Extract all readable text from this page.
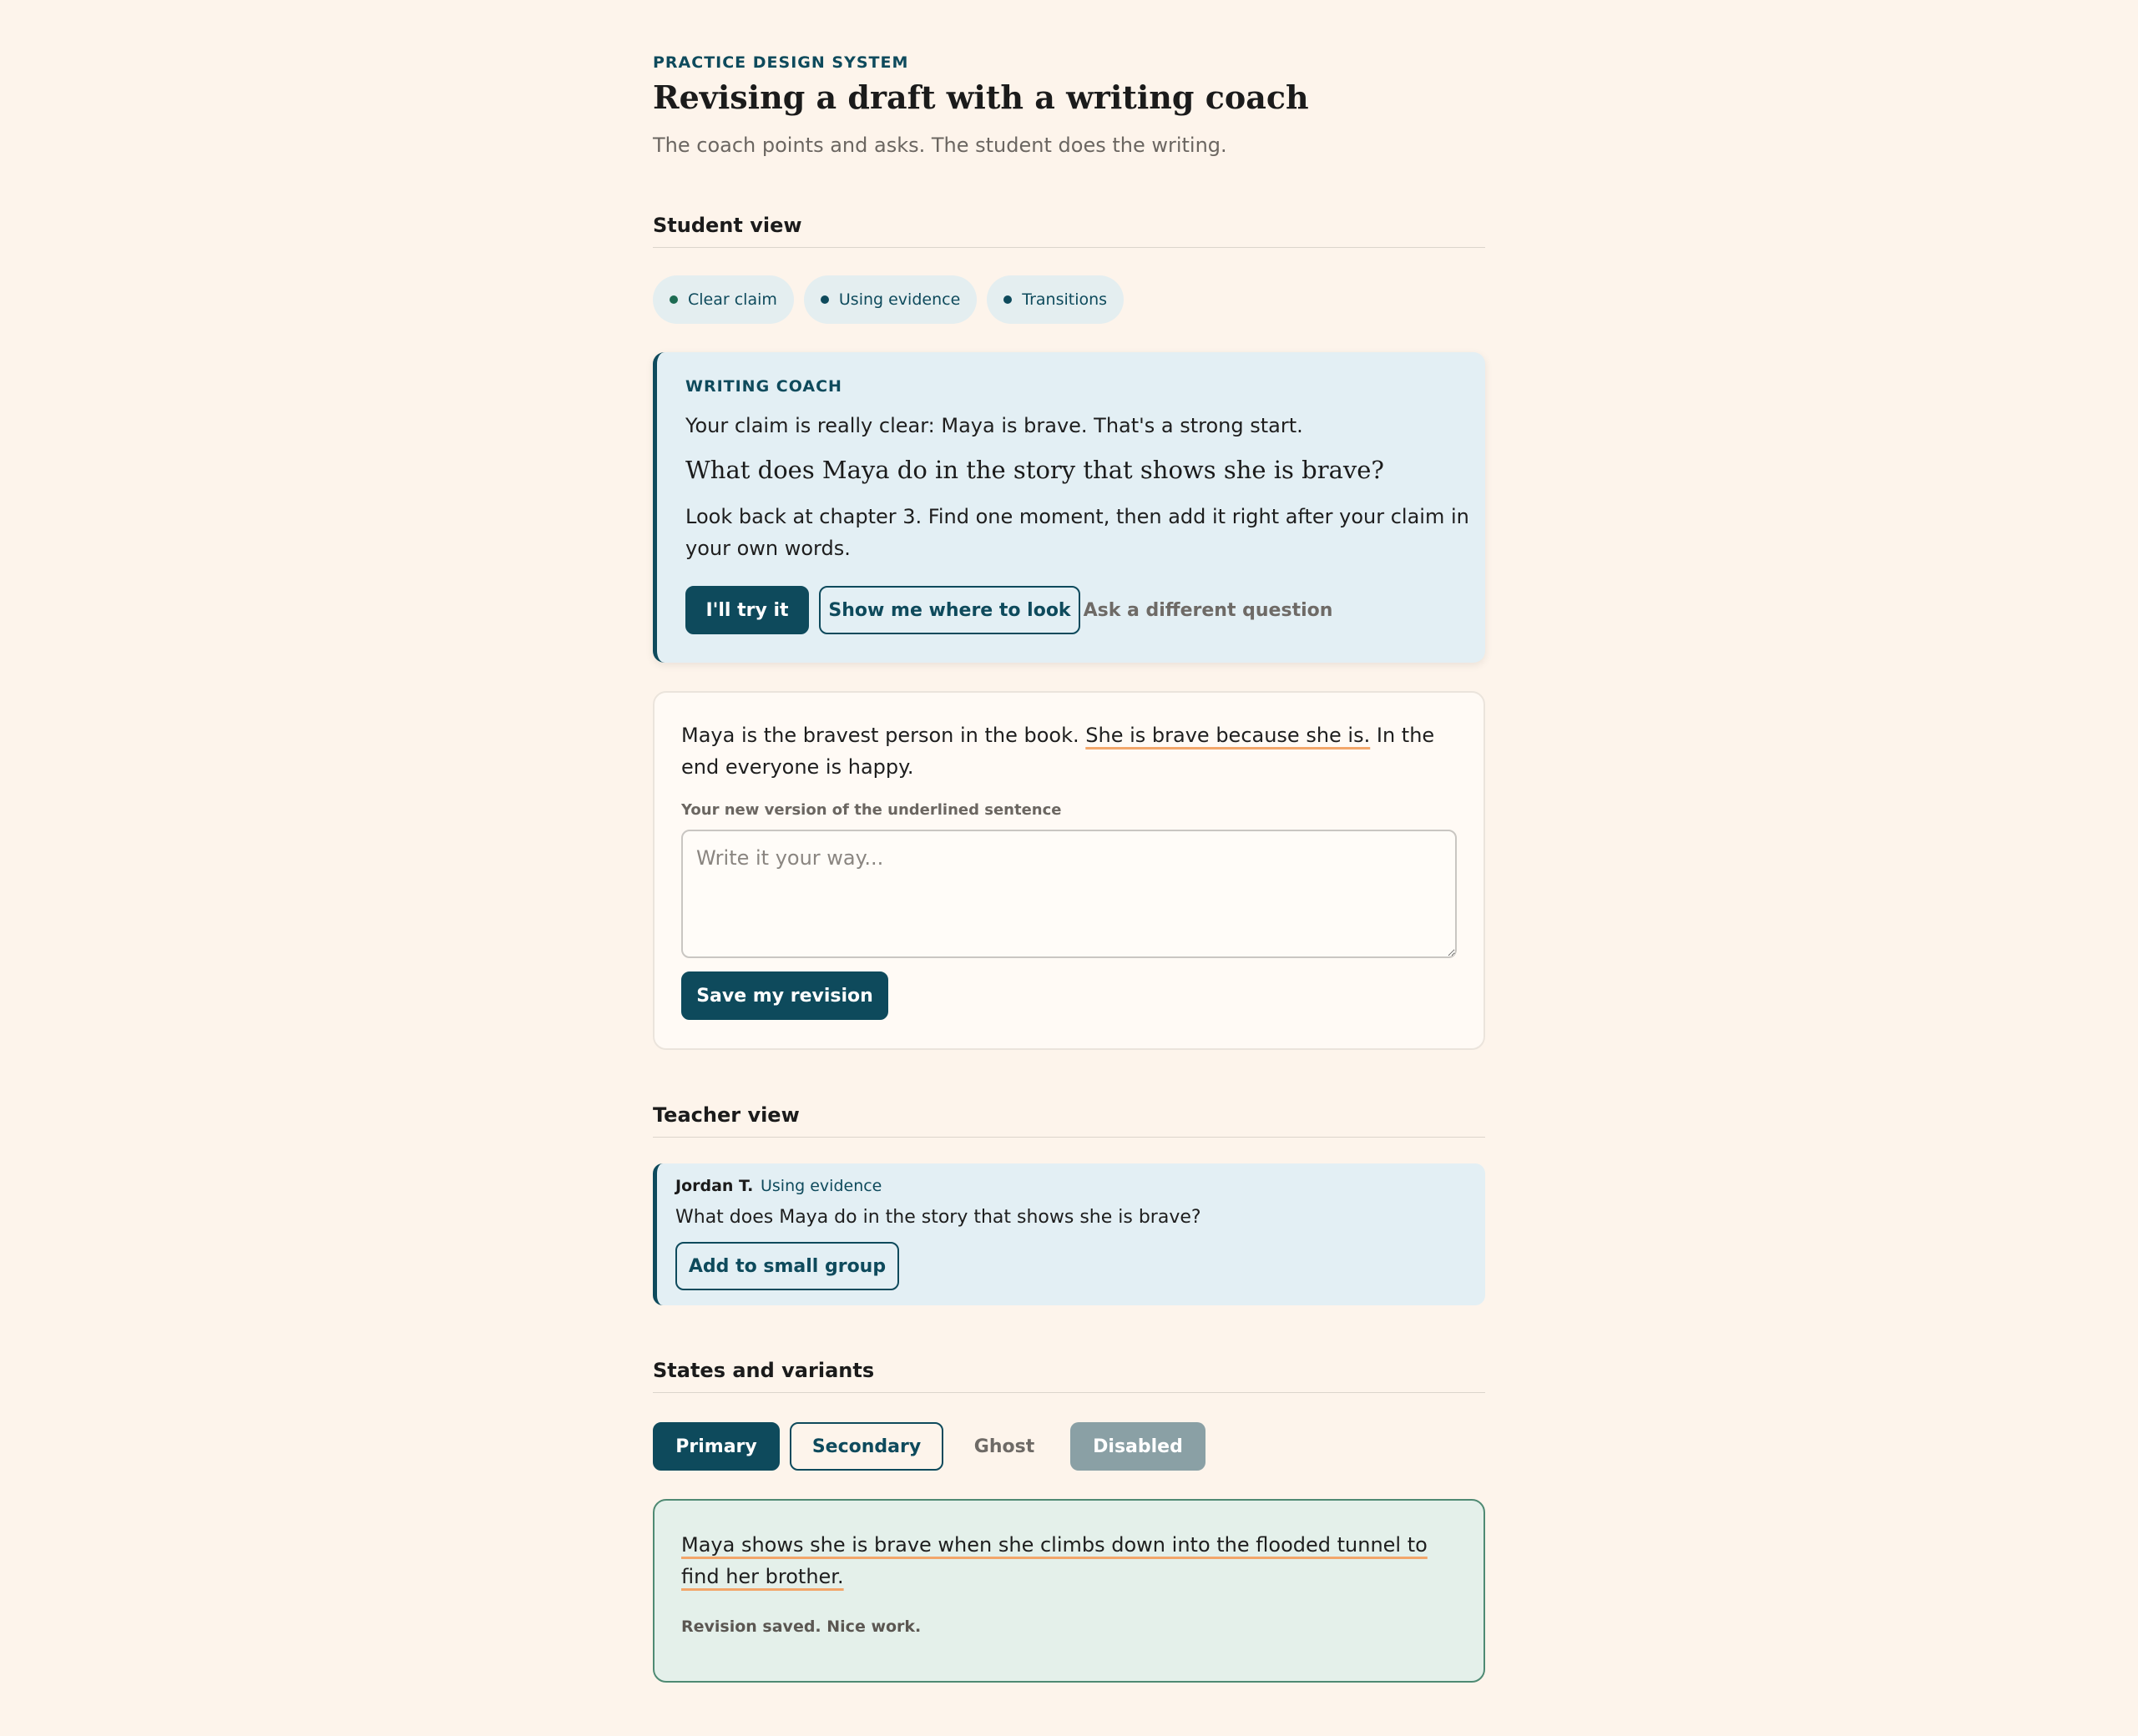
PRACTICE DESIGN SYSTEM
Revising a draft with a writing coach
The coach points and asks. The student does the writing.
Student view
Clear claim	Using evidence	Transitions
WRITING COACH
Your claim is really clear: Maya is brave. That's a strong start.
What does Maya do in the story that shows she is brave?
Look back at chapter 3. Find one moment, then add it right after your claim in your own words.
I'll try it	Show me where to look Ask a different question
Maya is the bravest person in the book. She is brave because she is. In the end everyone is happy.
Your new version of the underlined sentence
Write it your way...
Save my revision
Teacher view
Jordan T. Using evidence
What does Maya do in the story that shows she is brave?
Add to small group
States and variants
Primary	Secondary	Ghost	Disabled
Maya shows she is brave when she climbs down into the flooded tunnel to find her brother.
Revision saved. Nice work.
